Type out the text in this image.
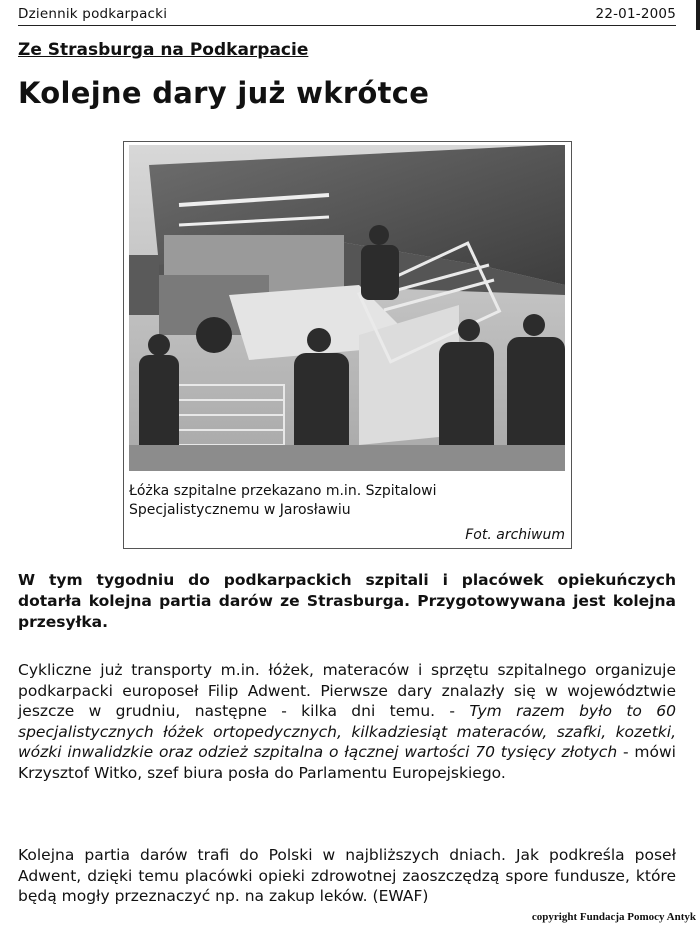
Dziennik podkarpacki	22-01-2005
Ze Strasburga na Podkarpacie
Kolejne dary już wkrótce
Łóżka szpitalne przekazano m.in. Szpitalowi Specjalistycznemu w Jarosławiu
Fot. archiwum

W tym tygodniu do podkarpackich szpitali i placówek opiekuńczych dotarła kolejna partia darów ze Strasburga. Przygotowywana jest kolejna przesyłka.

Cykliczne już transporty m.in. łóżek, materaców i sprzętu szpitalnego organizuje podkarpacki europoseł Filip Adwent. Pierwsze dary znalazły się w województwie jeszcze w grudniu, następne - kilka dni temu. - Tym razem było to 60 specjalistycznych łóżek ortopedycznych, kilkadziesiąt materaców, szafki, kozetki, wózki inwalidzkie oraz odzież szpitalna o łącznej wartości 70 tysięcy złotych - mówi Krzysztof Witko, szef biura posła do Parlamentu Europejskiego.

Kolejna partia darów trafi do Polski w najbliższych dniach. Jak podkreśla poseł Adwent, dzięki temu placówki opieki zdrowotnej zaoszczędzą spore fundusze, które będą mogły przeznaczyć np. na zakup leków. (EWAF)

copyright Fundacja Pomocy Antyk
